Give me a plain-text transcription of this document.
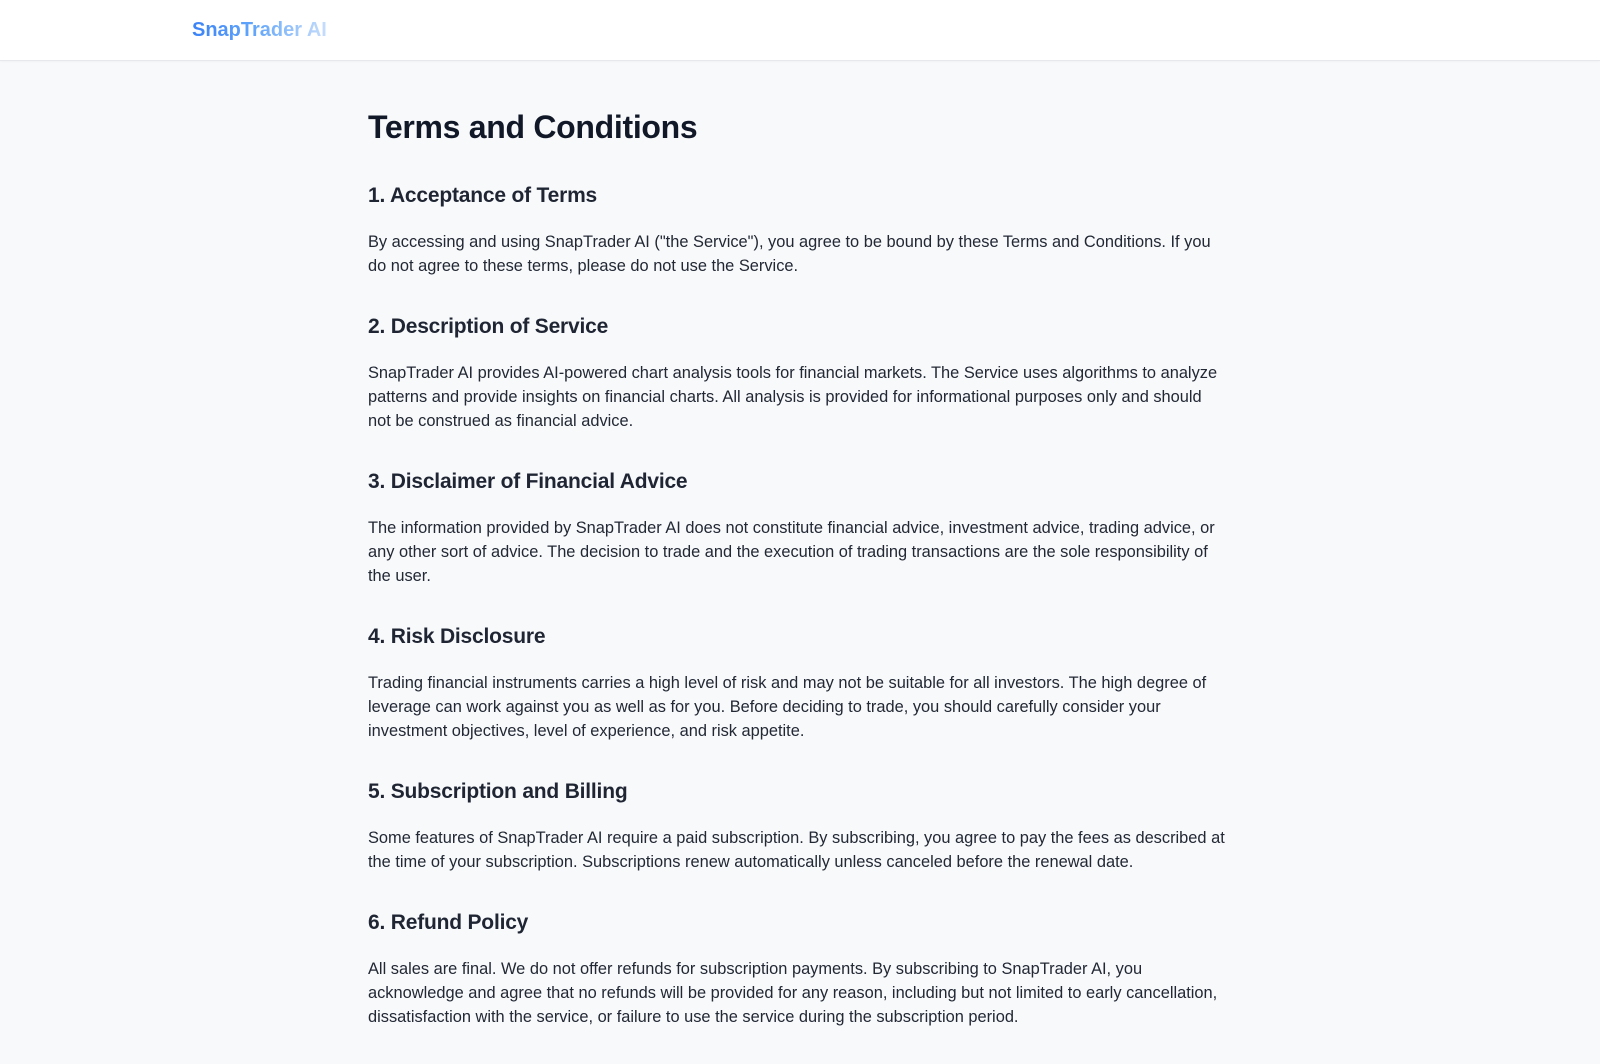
SnapTrader AI
Terms and Conditions
1. Acceptance of Terms

By accessing and using SnapTrader AI ("the Service"), you agree to be bound by these Terms and Conditions. If you do not agree to these terms, please do not use the Service.

2. Description of Service

SnapTrader AI provides AI-powered chart analysis tools for financial markets. The Service uses algorithms to analyze patterns and provide insights on financial charts. All analysis is provided for informational purposes only and should not be construed as financial advice.

3. Disclaimer of Financial Advice

The information provided by SnapTrader AI does not constitute financial advice, investment advice, trading advice, or any other sort of advice. The decision to trade and the execution of trading transactions are the sole responsibility of the user.

4. Risk Disclosure

Trading financial instruments carries a high level of risk and may not be suitable for all investors. The high degree of leverage can work against you as well as for you. Before deciding to trade, you should carefully consider your investment objectives, level of experience, and risk appetite.

5. Subscription and Billing

Some features of SnapTrader AI require a paid subscription. By subscribing, you agree to pay the fees as described at the time of your subscription. Subscriptions renew automatically unless canceled before the renewal date.

6. Refund Policy

All sales are final. We do not offer refunds for subscription payments. By subscribing to SnapTrader AI, you acknowledge and agree that no refunds will be provided for any reason, including but not limited to early cancellation, dissatisfaction with the service, or failure to use the service during the subscription period.
